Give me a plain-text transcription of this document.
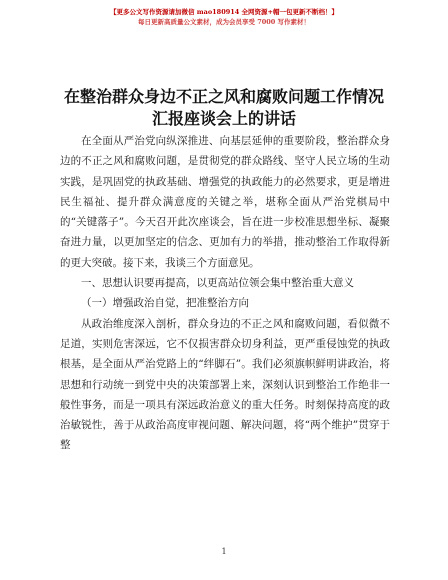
【更多公文写作资源请加微信 mao180914 全网资源+帽一包更新不断档！】
每日更新高质量公文素材，成为会员享受 7000 写作素材！
在整治群众身边不正之风和腐败问题工作情况
汇报座谈会上的讲话

在全面从严治党向纵深推进、向基层延伸的重要阶段，整治群众身边的不正之风和腐败问题，是贯彻党的群众路线、坚守人民立场的生动实践，是巩固党的执政基础、增强党的执政能力的必然要求，更是增进民生福祉、提升群众满意度的关键之举，堪称全面从严治党棋局中的“关键落子”。今天召开此次座谈会，旨在进一步校准思想坐标、凝聚奋进力量，以更加坚定的信念、更加有力的举措，推动整治工作取得新的更大突破。接下来，我谈三个方面意见。

一、思想认识要再提高，以更高站位领会集中整治重大意义

（一）增强政治自觉，把准整治方向

从政治维度深入剖析，群众身边的不正之风和腐败问题，看似微不足道，实则危害深远，它不仅损害群众切身利益，更严重侵蚀党的执政根基，是全面从严治党路上的“绊脚石”。我们必须旗帜鲜明讲政治，将思想和行动统一到党中央的决策部署上来，深刻认识到整治工作绝非一般性事务，而是一项具有深远政治意义的重大任务。时刻保持高度的政治敏锐性，善于从政治高度审视问题、解决问题，将“两个维护”贯穿于整

1
